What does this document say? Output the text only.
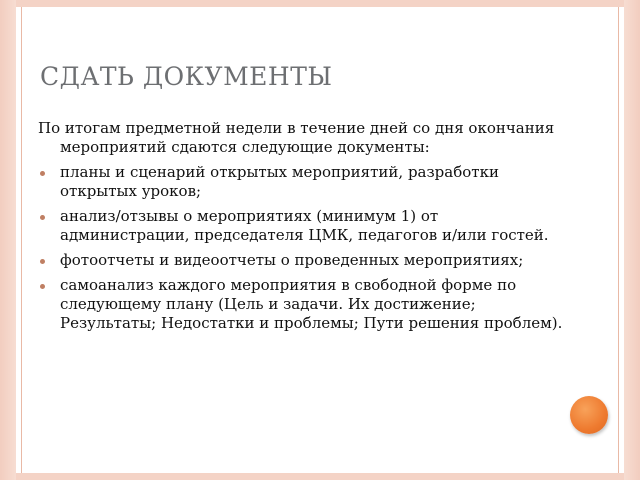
СДАТЬ ДОКУМЕНТЫ

По итогам предметной недели в течение дней со дня окончания мероприятий сдаются следующие документы:

планы и сценарий открытых мероприятий, разработки открытых уроков;
анализ/отзывы о мероприятиях (минимум 1) от администрации, председателя ЦМК, педагогов и/или гостей.
фотоотчеты и видеоотчеты о проведенных мероприятиях;
самоанализ каждого мероприятия в свободной форме по следующему плану (Цель и задачи. Их достижение; Результаты; Недостатки и проблемы; Пути решения проблем).
